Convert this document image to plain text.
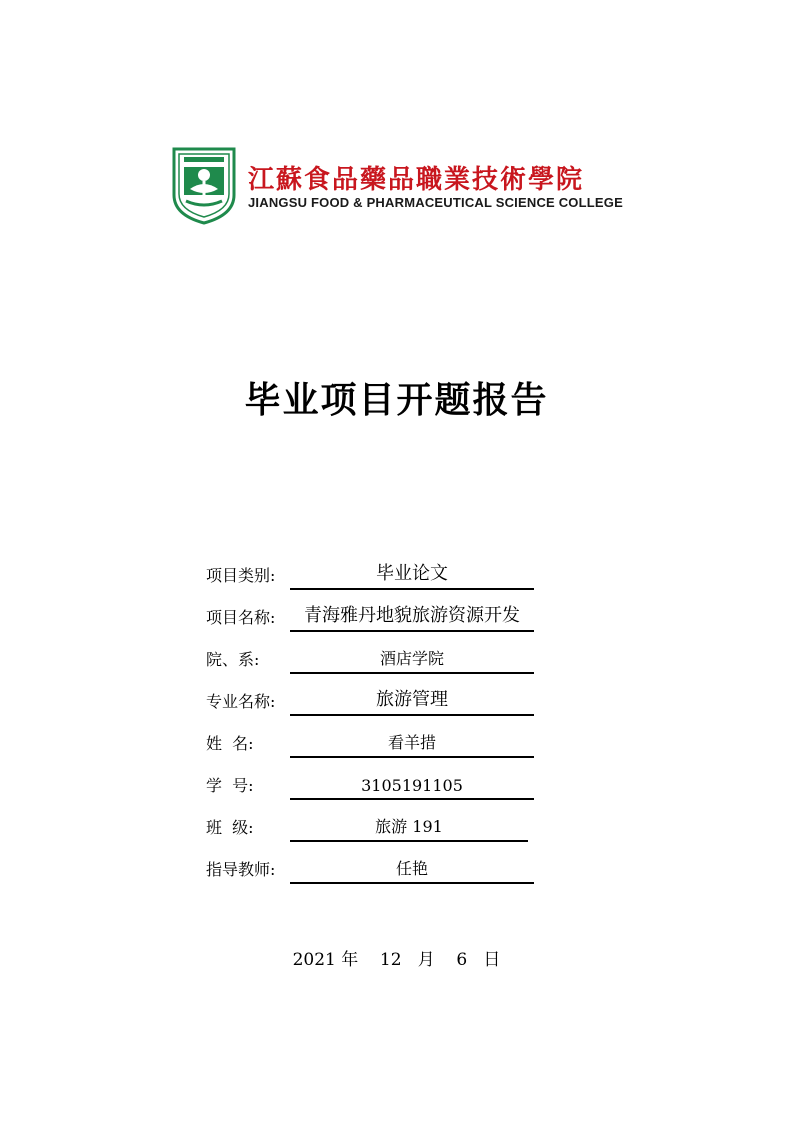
江蘇食品藥品職業技術學院
JIANGSU FOOD & PHARMACEUTICAL SCIENCE COLLEGE
毕业项目开题报告
项目类别:	毕业论文
项目名称:	青海雅丹地貌旅游资源开发
院、系:	酒店学院
专业名称:	旅游管理
姓  名:	看羊措
学  号:	3105191105
班  级:	旅游 191
指导教师:	任艳
2021 年 12 月 6 日
